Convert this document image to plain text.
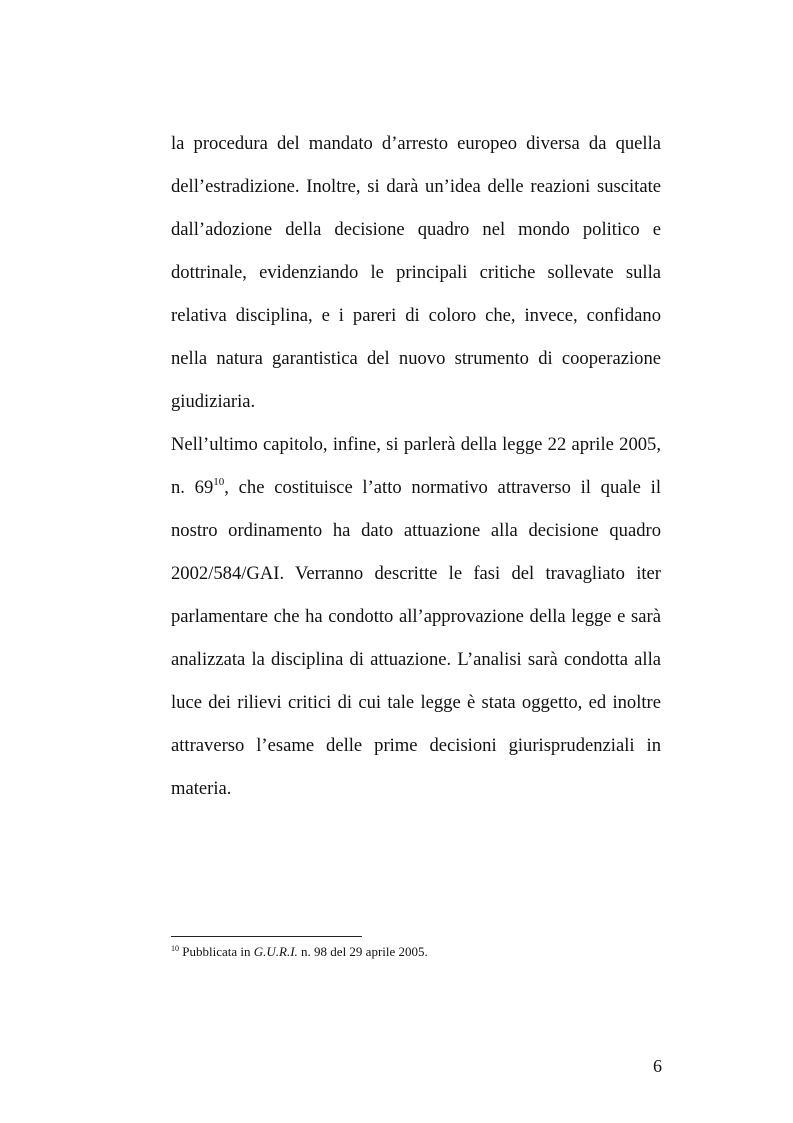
la procedura del mandato d’arresto europeo diversa da quella
dell’estradizione. Inoltre, si darà un’idea delle reazioni suscitate
dall’adozione della decisione quadro nel mondo politico e
dottrinale, evidenziando le principali critiche sollevate sulla
relativa disciplina, e i pareri di coloro che, invece, confidano
nella natura garantistica del nuovo strumento di cooperazione
giudiziaria.
Nell’ultimo capitolo, infine, si parlerà della legge 22 aprile 2005,
n. 69$^{10}$, che costituisce l’atto normativo attraverso il quale il
nostro ordinamento ha dato attuazione alla decisione quadro
2002/584/GAI. Verranno descritte le fasi del travagliato iter
parlamentare che ha condotto all’approvazione della legge e sarà
analizzata la disciplina di attuazione. L’analisi sarà condotta alla
luce dei rilievi critici di cui tale legge è stata oggetto, ed inoltre
attraverso l’esame delle prime decisioni giurisprudenziali in
materia.
$^{10}$ Pubblicata in G.U.R.I. n. 98 del 29 aprile 2005.
6
